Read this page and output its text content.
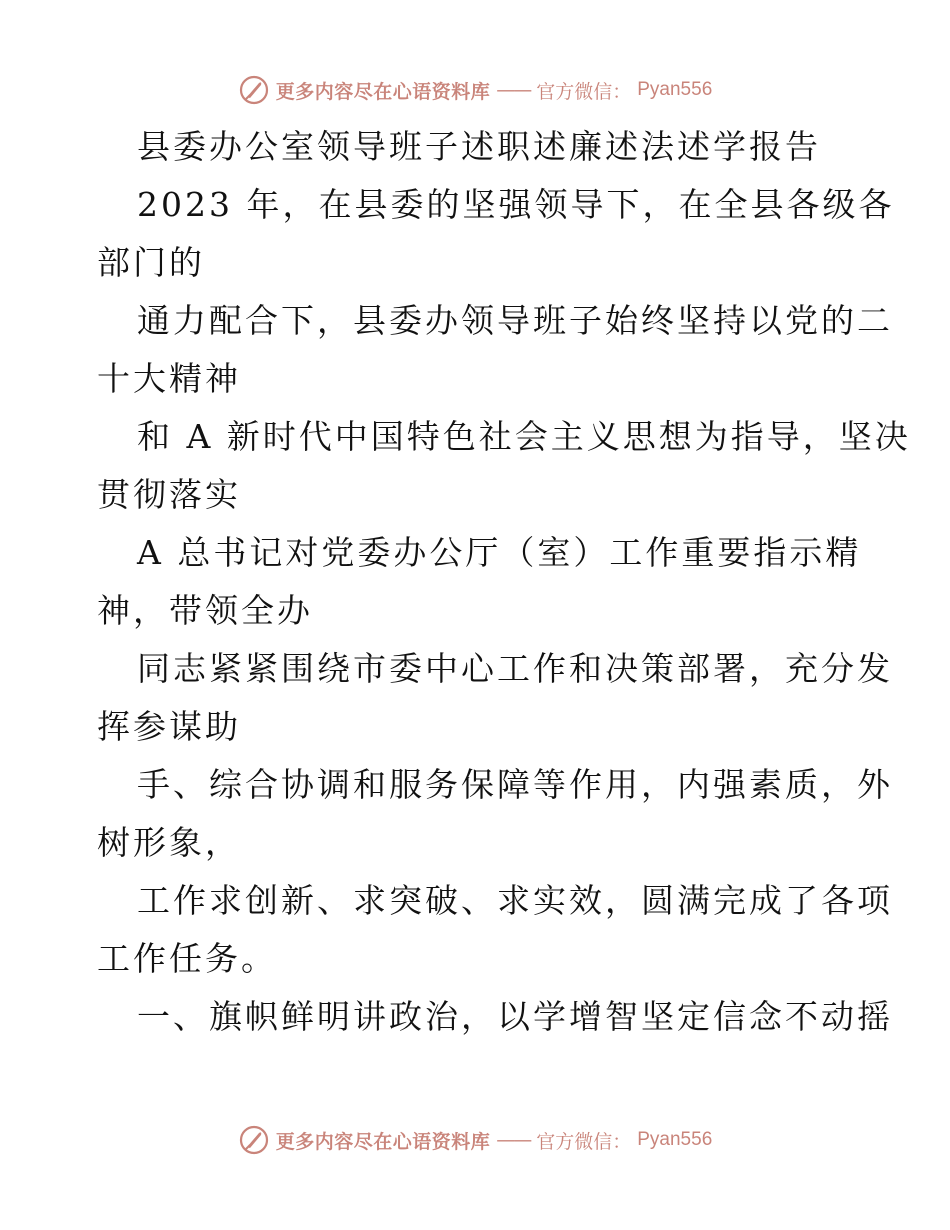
更多内容尽在心语资料库 —— 官方微信： Pyan556

县委办公室领导班子述职述廉述法述学报告

2023 年，在县委的坚强领导下，在全县各级各

部门的

通力配合下，县委办领导班子始终坚持以党的二

十大精神

和 A 新时代中国特色社会主义思想为指导，坚决

贯彻落实

A 总书记对党委办公厅（室）工作重要指示精

神，带领全办

同志紧紧围绕市委中心工作和决策部署，充分发

挥参谋助

手、综合协调和服务保障等作用，内强素质，外

树形象，

工作求创新、求突破、求实效，圆满完成了各项

工作任务。

一、旗帜鲜明讲政治，以学增智坚定信念不动摇

更多内容尽在心语资料库 —— 官方微信： Pyan556
